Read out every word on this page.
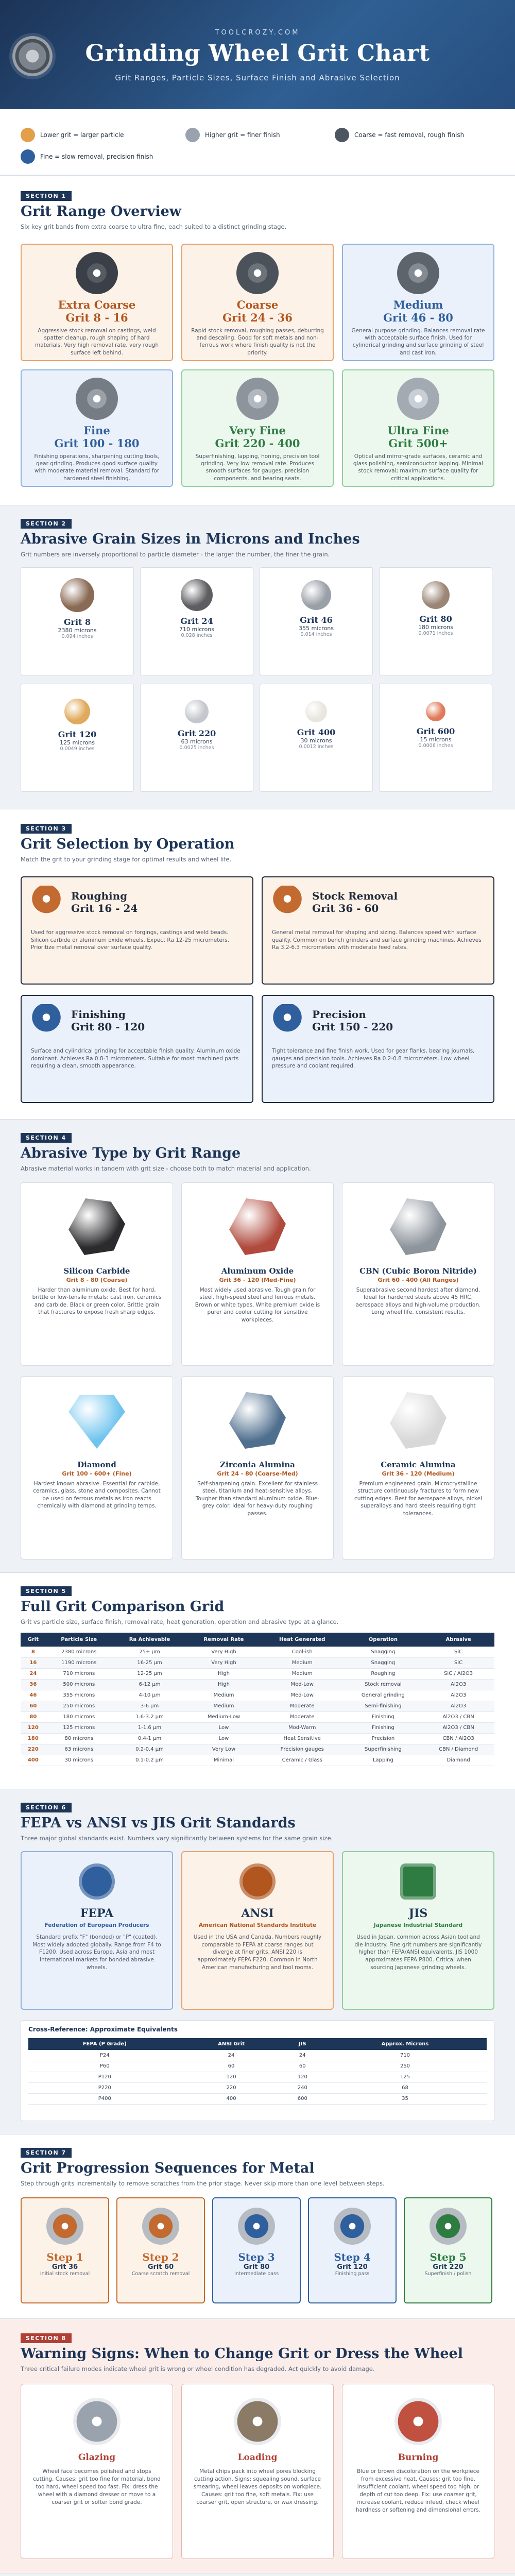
TOOLCROZY.COM
Grinding Wheel Grit Chart
Grit Ranges, Particle Sizes, Surface Finish and Abrasive Selection
Lower grit = larger particle	Higher grit = finer finish	Coarse = fast removal, rough finish
Fine = slow removal, precision finish
SECTION 1
Grit Range Overview
Six key grit bands from extra coarse to ultra fine, each suited to a distinct grinding stage.
Extra Coarse
Grit 8 - 16
Aggressive stock removal on castings, weld spatter cleanup, rough shaping of hard materials. Very high removal rate, very rough surface left behind.
Coarse
Grit 24 - 36
Rapid stock removal, roughing passes, deburring and descaling. Good for soft metals and non-ferrous work where finish quality is not the priority.
Medium
Grit 46 - 80
General purpose grinding. Balances removal rate with acceptable surface finish. Used for cylindrical grinding and surface grinding of steel and cast iron.
Fine
Grit 100 - 180
Finishing operations, sharpening cutting tools, gear grinding. Produces good surface quality with moderate material removal. Standard for hardened steel finishing.
Very Fine
Grit 220 - 400
Superfinishing, lapping, honing, precision tool grinding. Very low removal rate. Produces smooth surfaces for gauges, precision components, and bearing seats.
Ultra Fine
Grit 500+
Optical and mirror-grade surfaces, ceramic and glass polishing, semiconductor lapping. Minimal stock removal; maximum surface quality for critical applications.
SECTION 2
Abrasive Grain Sizes in Microns and Inches
Grit numbers are inversely proportional to particle diameter - the larger the number, the finer the grain.
Grit 8
2380 microns
0.094 inches
Grit 24
710 microns
0.028 inches
Grit 46
355 microns
0.014 inches
Grit 80
180 microns
0.0071 inches
Grit 120
125 microns
0.0049 inches
Grit 220
63 microns
0.0025 inches
Grit 400
30 microns
0.0012 inches
Grit 600
15 microns
0.0006 inches
SECTION 3
Grit Selection by Operation
Match the grit to your grinding stage for optimal results and wheel life.
Roughing
Grit 16 - 24
Used for aggressive stock removal on forgings, castings and weld beads. Silicon carbide or aluminum oxide wheels. Expect Ra 12-25 micrometers. Prioritize metal removal over surface quality.
Stock Removal
Grit 36 - 60
General metal removal for shaping and sizing. Balances speed with surface quality. Common on bench grinders and surface grinding machines. Achieves Ra 3.2-6.3 micrometers with moderate feed rates.
Finishing
Grit 80 - 120
Surface and cylindrical grinding for acceptable finish quality. Aluminum oxide dominant. Achieves Ra 0.8-3 micrometers. Suitable for most machined parts requiring a clean, smooth appearance.
Precision
Grit 150 - 220
Tight tolerance and fine finish work. Used for gear flanks, bearing journals, gauges and precision tools. Achieves Ra 0.2-0.8 micrometers. Low wheel pressure and coolant required.
SECTION 4
Abrasive Type by Grit Range
Abrasive material works in tandem with grit size - choose both to match material and application.
Silicon Carbide
Grit 8 - 80 (Coarse)
Harder than aluminum oxide. Best for hard, brittle or low-tensile metals: cast iron, ceramics and carbide. Black or green color. Brittle grain that fractures to expose fresh sharp edges.
Aluminum Oxide
Grit 36 - 120 (Med-Fine)
Most widely used abrasive. Tough grain for steel, high-speed steel and ferrous metals. Brown or white types. White premium oxide is purer and cooler cutting for sensitive workpieces.
CBN (Cubic Boron Nitride)
Grit 60 - 400 (All Ranges)
Superabrasive second hardest after diamond. Ideal for hardened steels above 45 HRC, aerospace alloys and high-volume production. Long wheel life, consistent results.
Diamond
Grit 100 - 600+ (Fine)
Hardest known abrasive. Essential for carbide, ceramics, glass, stone and composites. Cannot be used on ferrous metals as iron reacts chemically with diamond at grinding temps.
Zirconia Alumina
Grit 24 - 80 (Coarse-Med)
Self-sharpening grain. Excellent for stainless steel, titanium and heat-sensitive alloys. Tougher than standard aluminum oxide. Blue-grey color. Ideal for heavy-duty roughing passes.
Ceramic Alumina
Grit 36 - 120 (Medium)
Premium engineered grain. Microcrystalline structure continuously fractures to form new cutting edges. Best for aerospace alloys, nickel superalloys and hard steels requiring tight tolerances.
SECTION 5
Full Grit Comparison Grid
Grit vs particle size, surface finish, removal rate, heat generation, operation and abrasive type at a glance.
Grit	Particle Size	Ra Achievable	Removal Rate	Heat Generated	Operation	Abrasive
8	2380 microns	25+ µm	Very High	Cool-ish	Snagging	SiC
16	1190 microns	16-25 µm	Very High	Medium	Snagging	SiC
24	710 microns	12-25 µm	High	Medium	Roughing	SiC / Al2O3
36	500 microns	6-12 µm	High	Med-Low	Stock removal	Al2O3
46	355 microns	4-10 µm	Medium	Med-Low	General grinding	Al2O3
60	250 microns	3-6 µm	Medium	Moderate	Semi-finishing	Al2O3
80	180 microns	1.6-3.2 µm	Medium-Low	Moderate	Finishing	Al2O3 / CBN
120	125 microns	1-1.6 µm	Low	Mod-Warm	Finishing	Al2O3 / CBN
180	80 microns	0.4-1 µm	Low	Heat Sensitive	Precision	CBN / Al2O3
220	63 microns	0.2-0.4 µm	Very Low	Precision gauges	Superfinishing	CBN / Diamond
400	30 microns	0.1-0.2 µm	Minimal	Ceramic / Glass	Lapping	Diamond
SECTION 6
FEPA vs ANSI vs JIS Grit Standards
Three major global standards exist. Numbers vary significantly between systems for the same grain size.
FEPA
Federation of European Producers
Standard prefix "F" (bonded) or "P" (coated). Most widely adopted globally. Range from F4 to F1200. Used across Europe, Asia and most international markets for bonded abrasive wheels.
ANSI
American National Standards Institute
Used in the USA and Canada. Numbers roughly comparable to FEPA at coarse ranges but diverge at finer grits. ANSI 220 is approximately FEPA F220. Common in North American manufacturing and tool rooms.
JIS
Japanese Industrial Standard
Used in Japan, common across Asian tool and die industry. Fine grit numbers are significantly higher than FEPA/ANSI equivalents. JIS 1000 approximates FEPA P800. Critical when sourcing Japanese grinding wheels.
Cross-Reference: Approximate Equivalents
FEPA (P Grade)	ANSI Grit	JIS	Approx. Microns
P24	24	24	710
P60	60	60	250
P120	120	120	125
P220	220	240	68
P400	400	600	35
SECTION 7
Grit Progression Sequences for Metal
Step through grits incrementally to remove scratches from the prior stage. Never skip more than one level between steps.
Step 1
Grit 36
Initial stock removal
Step 2
Grit 60
Coarse scratch removal
Step 3
Grit 80
Intermediate pass
Step 4
Grit 120
Finishing pass
Step 5
Grit 220
Superfinish / polish
SECTION 8
Warning Signs: When to Change Grit or Dress the Wheel
Three critical failure modes indicate wheel grit is wrong or wheel condition has degraded. Act quickly to avoid damage.
Glazing
Wheel face becomes polished and stops cutting. Causes: grit too fine for material, bond too hard, wheel speed too fast. Fix: dress the wheel with a diamond dresser or move to a coarser grit or softer bond grade.
Loading
Metal chips pack into wheel pores blocking cutting action. Signs: squealing sound, surface smearing, wheel leaves deposits on workpiece. Causes: grit too fine, soft metals. Fix: use coarser grit, open structure, or wax dressing.
Burning
Blue or brown discoloration on the workpiece from excessive heat. Causes: grit too fine, insufficient coolant, wheel speed too high, or depth of cut too deep. Fix: use coarser grit, increase coolant, reduce infeed, check wheel hardness or softening and dimensional errors.
